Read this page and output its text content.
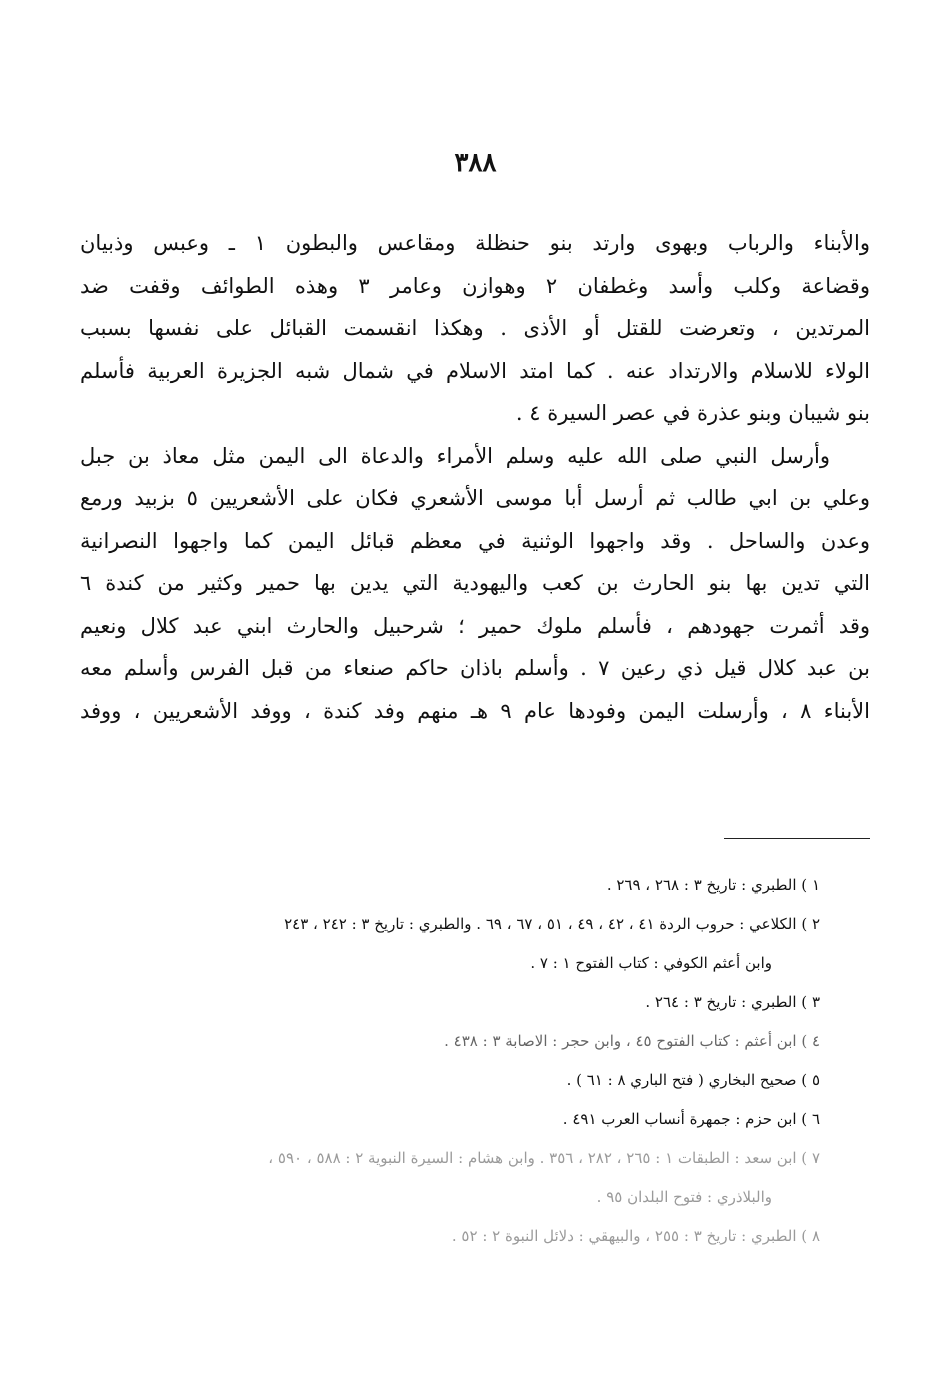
٣٨٨
والأبناء والرباب وبهوى وارتد بنو حنظلة ومقاعس والبطون ١ ـ وعبس وذبيان
وقضاعة وكلب وأسد وغطفان ٢ وهوازن وعامر ٣ وهذه الطوائف وقفت ضد
المرتدين ، وتعرضت للقتل أو الأذى . وهكذا انقسمت القبائل على نفسها بسبب
الولاء للاسلام والارتداد عنه . كما امتد الاسلام في شمال شبه الجزيرة العربية فأسلم
بنو شيبان وبنو عذرة في عصر السيرة ٤ .
وأرسل النبي صلى الله عليه وسلم الأمراء والدعاة الى اليمن مثل معاذ بن جبل
وعلي بن ابي طالب ثم أرسل أبا موسى الأشعري فكان على الأشعريين ٥ بزبيد ورمع
وعدن والساحل . وقد واجهوا الوثنية في معظم قبائل اليمن كما واجهوا النصرانية
التي تدين بها بنو الحارث بن كعب واليهودية التي يدين بها حمير وكثير من كندة ٦
وقد أثمرت جهودهم ، فأسلم ملوك حمير ؛ شرحبيل والحارث ابني عبد كلال ونعيم
بن عبد كلال قيل ذي رعين ٧ . وأسلم باذان حاكم صنعاء من قبل الفرس وأسلم معه
الأبناء ٨ ، وأرسلت اليمن وفودها عام ٩ هـ منهم وفد كندة ، ووفد الأشعريين ، ووفد
١ ) الطبري : تاريخ ٣ : ٢٦٨ ، ٢٦٩ .
٢ ) الكلاعي : حروب الردة ٤١ ، ٤٢ ، ٤٩ ، ٥١ ، ٦٧ ، ٦٩ . والطبري : تاريخ ٣ : ٢٤٢ ، ٢٤٣
وابن أعثم الكوفي : كتاب الفتوح ١ : ٧ .
٣ ) الطبري : تاريخ ٣ : ٢٦٤ .
٤ ) ابن أعثم : كتاب الفتوح ٤٥ ، وابن حجر : الاصابة ٣ : ٤٣٨ .
٥ ) صحيح البخاري ( فتح الباري ٨ : ٦١ ) .
٦ ) ابن حزم : جمهرة أنساب العرب ٤٩١ .
٧ ) ابن سعد : الطبقات ١ : ٢٦٥ ، ٢٨٢ ، ٣٥٦ . وابن هشام : السيرة النبوية ٢ : ٥٨٨ ، ٥٩٠ ،
والبلاذري : فتوح البلدان ٩٥ .
٨ ) الطبري : تاريخ ٣ : ٢٥٥ ، والبيهقي : دلائل النبوة ٢ : ٥٢ .
